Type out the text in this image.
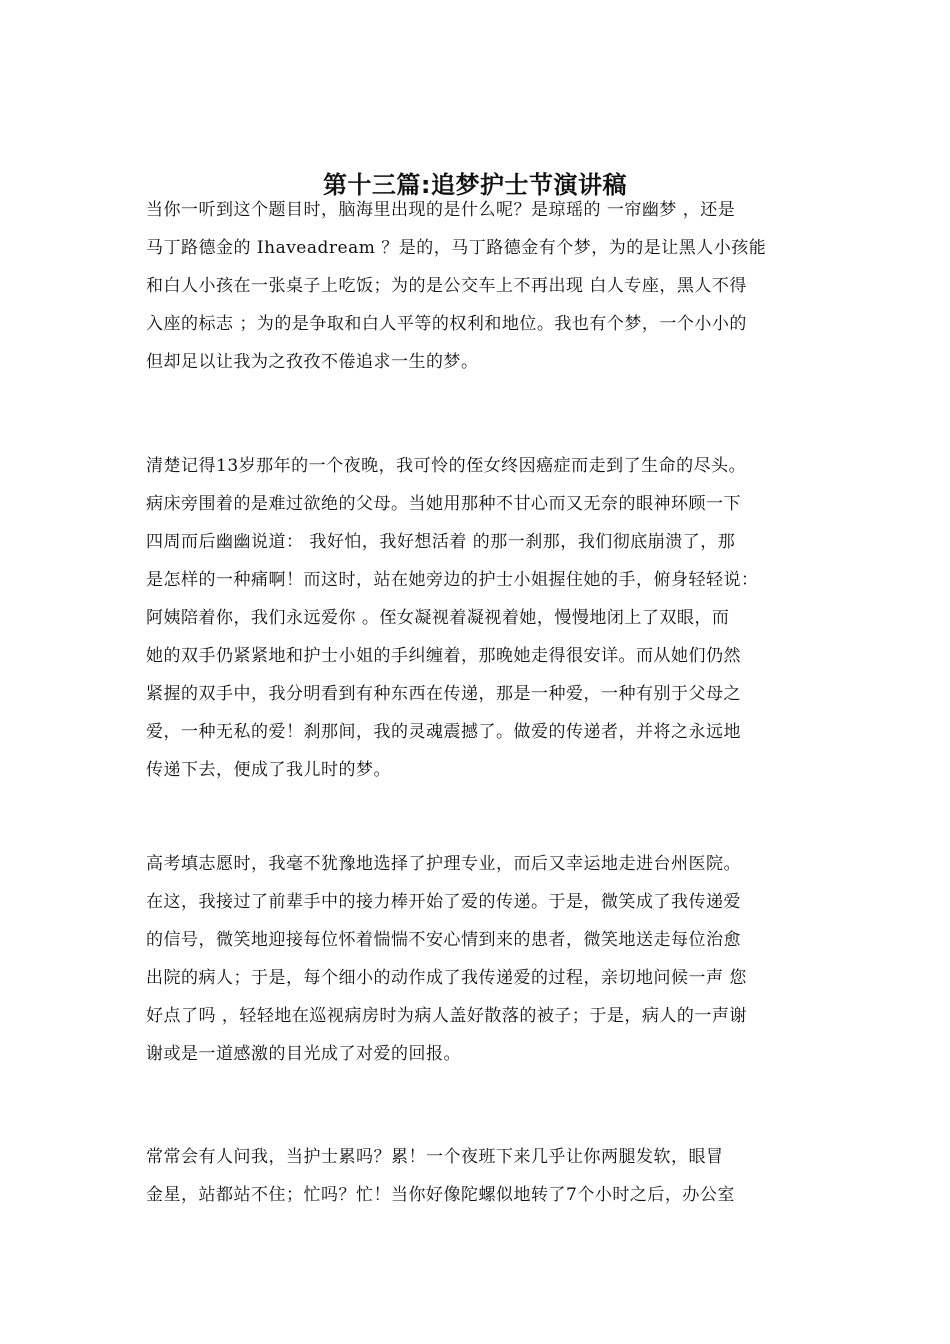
第十三篇:追梦护士节演讲稿
当你一听到这个题目时，脑海里出现的是什么呢？是琼瑶的 一帘幽梦 ，还是
马丁路德金的 Ihaveadream ？是的，马丁路德金有个梦，为的是让黑人小孩能
和白人小孩在一张桌子上吃饭；为的是公交车上不再出现 白人专座，黑人不得
入座的标志 ；为的是争取和白人平等的权利和地位。我也有个梦，一个小小的
但却足以让我为之孜孜不倦追求一生的梦。
清楚记得13岁那年的一个夜晚，我可怜的侄女终因癌症而走到了生命的尽头。
病床旁围着的是难过欲绝的父母。当她用那种不甘心而又无奈的眼神环顾一下
四周而后幽幽说道： 我好怕，我好想活着 的那一刹那，我们彻底崩溃了，那
是怎样的一种痛啊！而这时，站在她旁边的护士小姐握住她的手，俯身轻轻说：
阿姨陪着你，我们永远爱你 。侄女凝视着凝视着她，慢慢地闭上了双眼，而
她的双手仍紧紧地和护士小姐的手纠缠着，那晚她走得很安详。而从她们仍然
紧握的双手中，我分明看到有种东西在传递，那是一种爱，一种有别于父母之
爱，一种无私的爱！刹那间，我的灵魂震撼了。做爱的传递者，并将之永远地
传递下去，便成了我儿时的梦。
高考填志愿时，我毫不犹豫地选择了护理专业，而后又幸运地走进台州医院。
在这，我接过了前辈手中的接力棒开始了爱的传递。于是，微笑成了我传递爱
的信号，微笑地迎接每位怀着惴惴不安心情到来的患者，微笑地送走每位治愈
出院的病人；于是，每个细小的动作成了我传递爱的过程，亲切地问候一声 您
好点了吗 ，轻轻地在巡视病房时为病人盖好散落的被子；于是，病人的一声谢
谢或是一道感激的目光成了对爱的回报。
常常会有人问我，当护士累吗？累！一个夜班下来几乎让你两腿发软，眼冒
金星，站都站不住；忙吗？忙！当你好像陀螺似地转了7个小时之后，办公室
